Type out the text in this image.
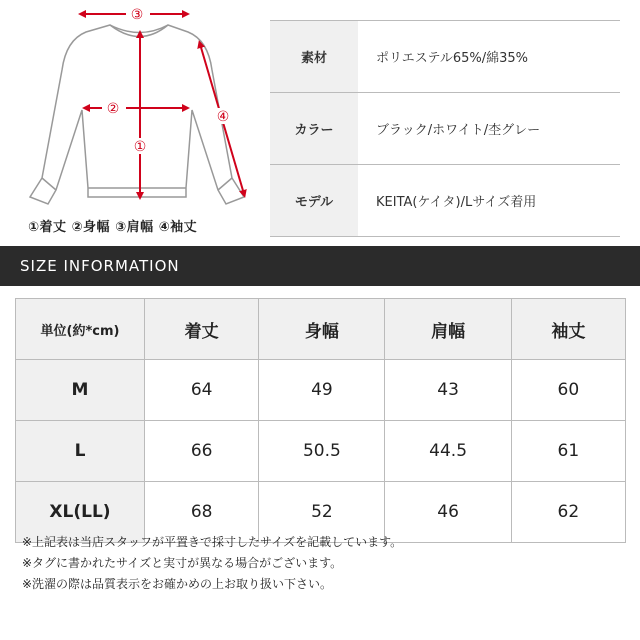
③
②
①
④
①着丈 ②身幅 ③肩幅 ④袖丈
素材	ポリエステル65%/綿35%
カラー	ブラック/ホワイト/杢グレー
モデル	KEITA(ケイタ)/Lサイズ着用
SIZE INFORMATION
単位(約*cm)	着丈	身幅	肩幅	袖丈
M	64	49	43	60
L	66	50.5	44.5	61
XL(LL)	68	52	46	62
※上記表は当店スタッフが平置きで採寸したサイズを記載しています。
※タグに書かれたサイズと実寸が異なる場合がございます。
※洗濯の際は品質表示をお確かめの上お取り扱い下さい。
